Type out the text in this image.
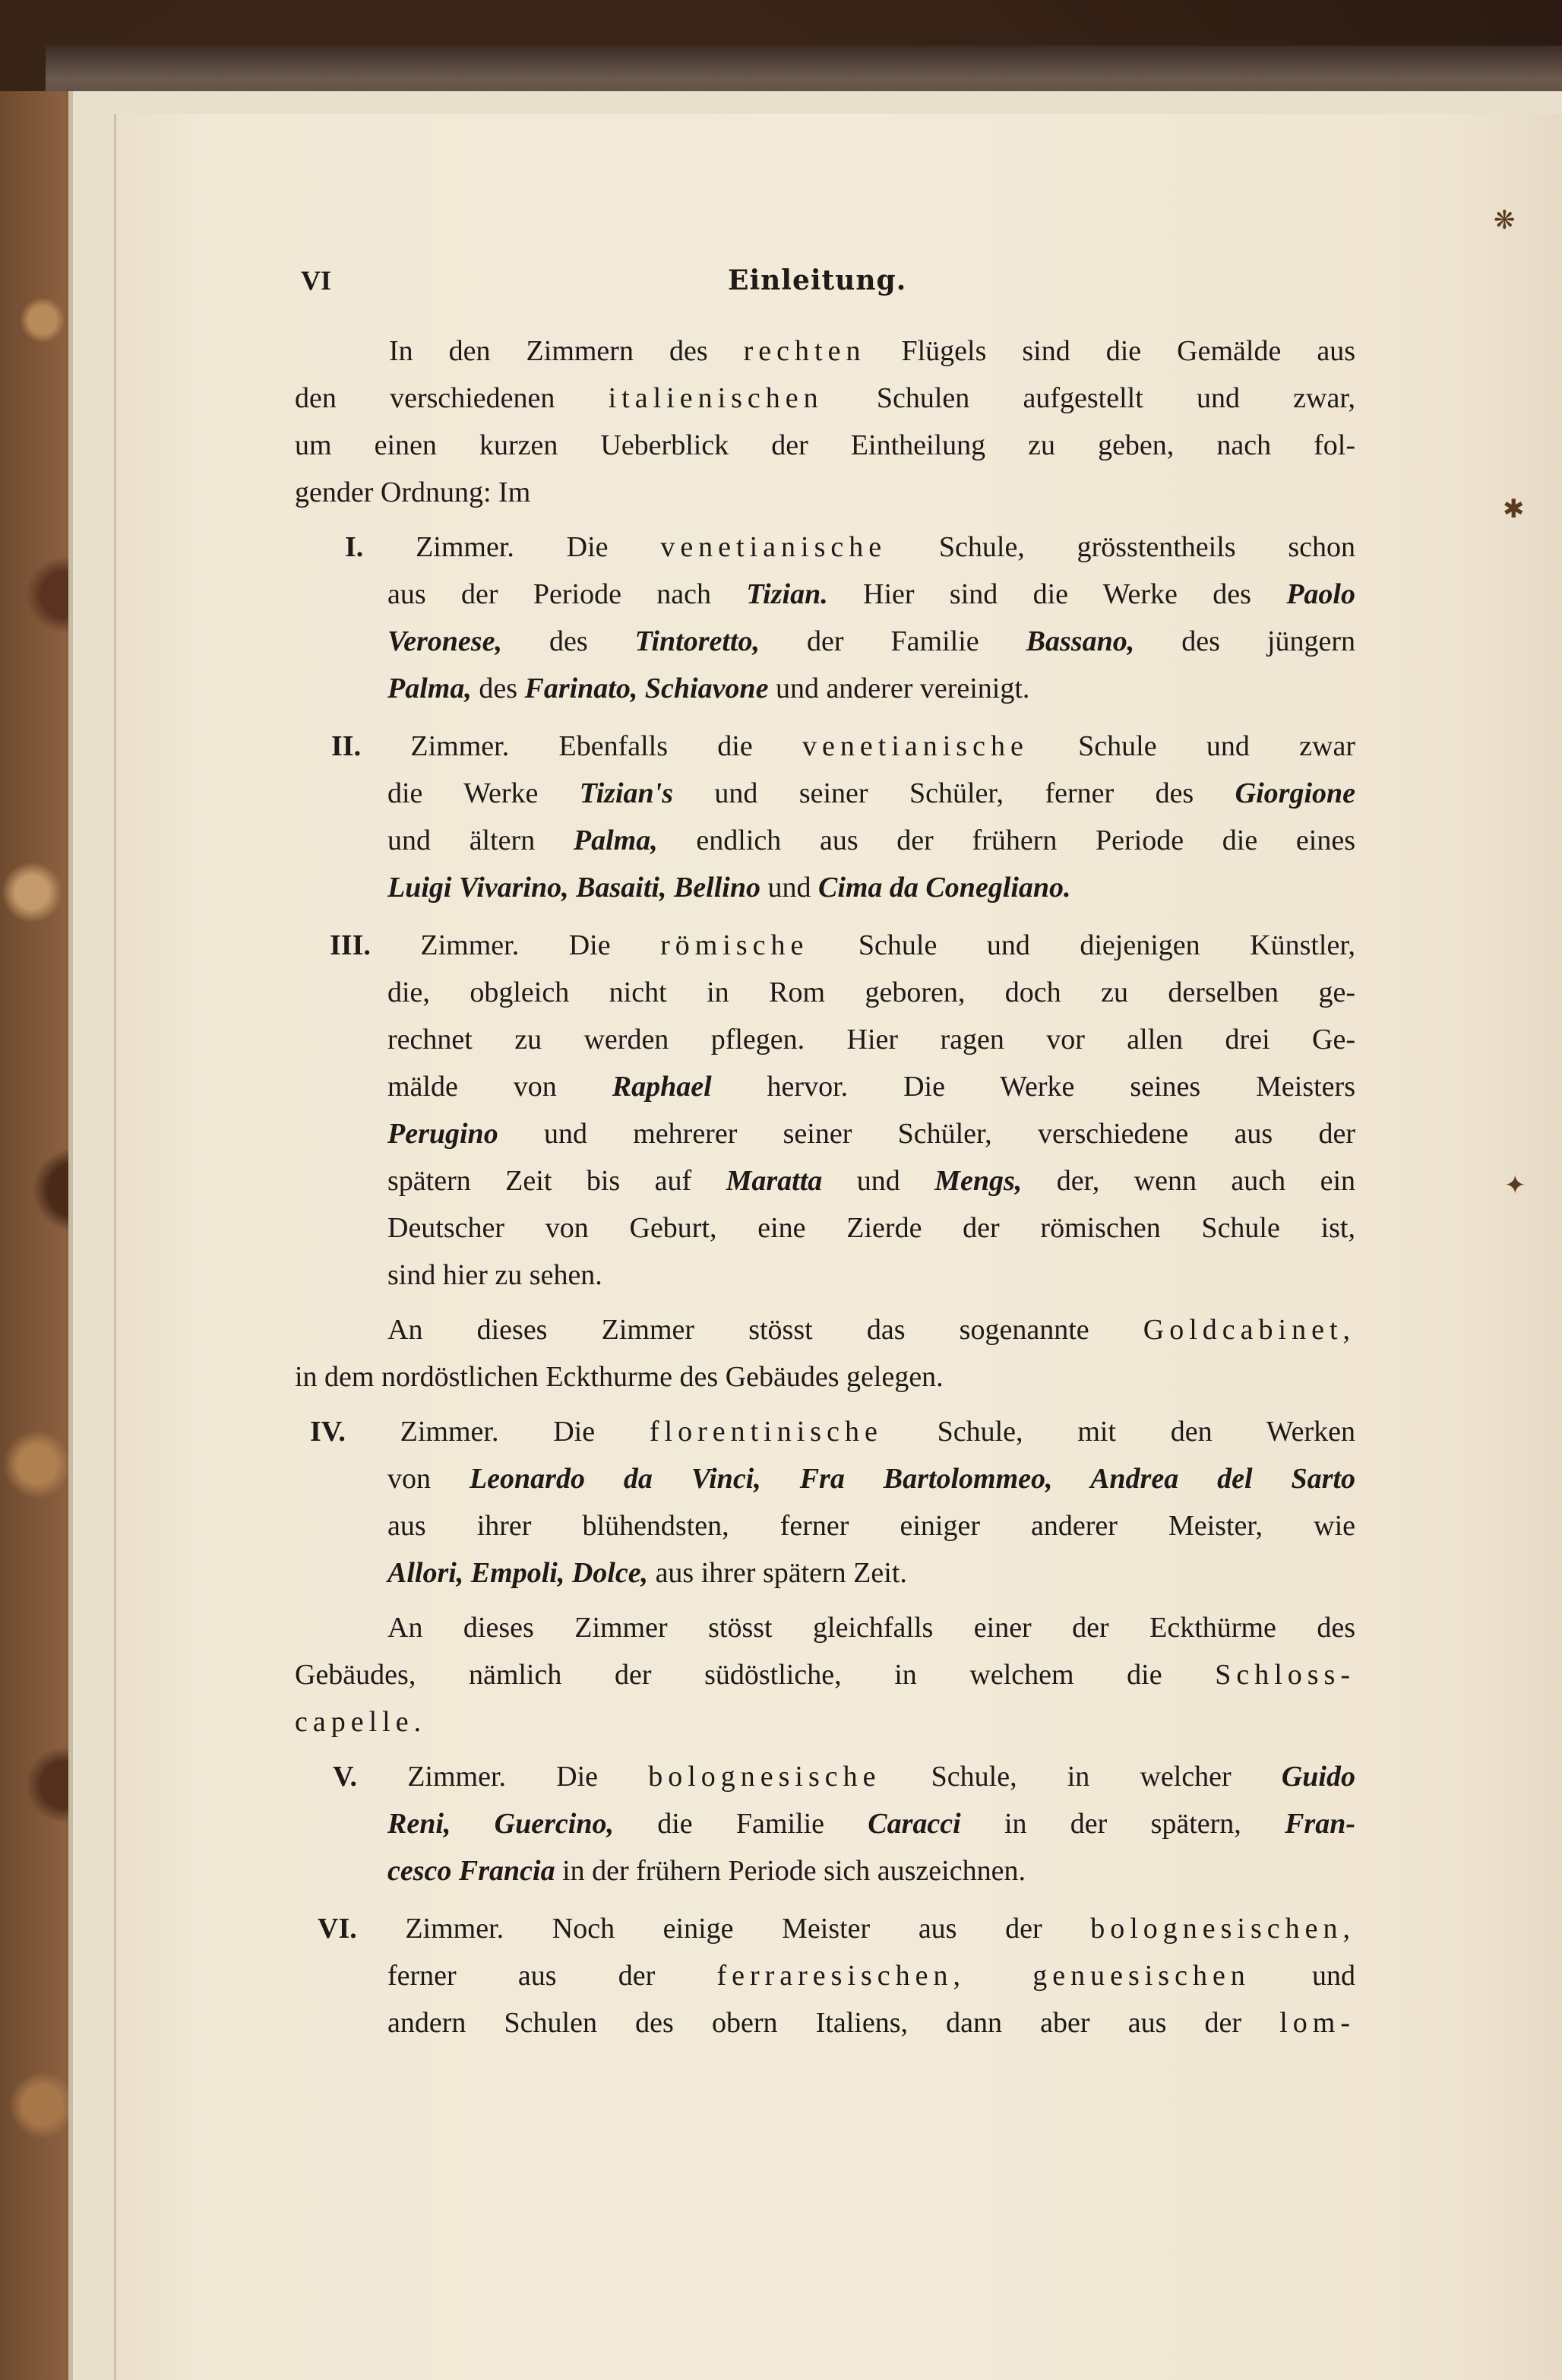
VI	Einleitung.
In den Zimmern des rechten Flügels sind die Gemälde aus
den verschiedenen italienischen Schulen aufgestellt und zwar,
um einen kurzen Ueberblick der Eintheilung zu geben, nach fol-
gender Ordnung: Im
I. Zimmer. Die venetianische Schule, grösstentheils schon
aus der Periode nach Tizian. Hier sind die Werke des Paolo
Veronese, des Tintoretto, der Familie Bassano, des jüngern
Palma, des Farinato, Schiavone und anderer vereinigt.
II. Zimmer. Ebenfalls die venetianische Schule und zwar
die Werke Tizian's und seiner Schüler, ferner des Giorgione
und ältern Palma, endlich aus der frühern Periode die eines
Luigi Vivarino, Basaiti, Bellino und Cima da Conegliano.
III. Zimmer. Die römische Schule und diejenigen Künstler,
die, obgleich nicht in Rom geboren, doch zu derselben ge-
rechnet zu werden pflegen. Hier ragen vor allen drei Ge-
mälde von Raphael hervor. Die Werke seines Meisters
Perugino und mehrerer seiner Schüler, verschiedene aus der
spätern Zeit bis auf Maratta und Mengs, der, wenn auch ein
Deutscher von Geburt, eine Zierde der römischen Schule ist,
sind hier zu sehen.
An dieses Zimmer stösst das sogenannte Goldcabinet,
in dem nordöstlichen Eckthurme des Gebäudes gelegen.
IV. Zimmer. Die florentinische Schule, mit den Werken
von Leonardo da Vinci, Fra Bartolommeo, Andrea del Sarto
aus ihrer blühendsten, ferner einiger anderer Meister, wie
Allori, Empoli, Dolce, aus ihrer spätern Zeit.
An dieses Zimmer stösst gleichfalls einer der Eckthürme des
Gebäudes, nämlich der südöstliche, in welchem die Schloss-
capelle.
V. Zimmer. Die bolognesische Schule, in welcher Guido
Reni, Guercino, die Familie Caracci in der spätern, Fran-
cesco Francia in der frühern Periode sich auszeichnen.
VI. Zimmer. Noch einige Meister aus der bolognesischen,
ferner aus der ferraresischen, genuesischen und
andern Schulen des obern Italiens, dann aber aus der lom-
❋
✱
✦
